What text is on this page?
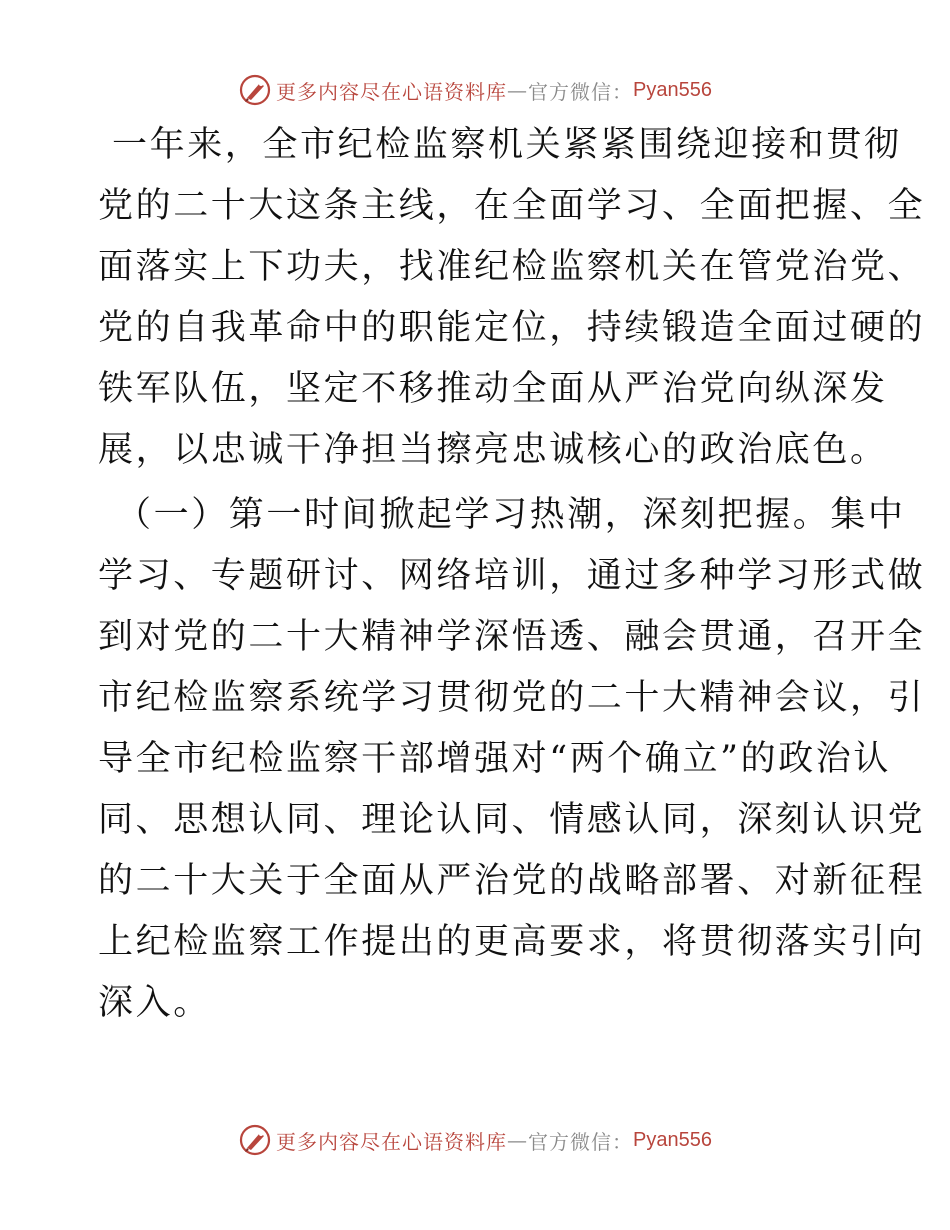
更多内容尽在心语资料库 — 官方微信： Pyan556
一年来，全市纪检监察机关紧紧围绕迎接和贯彻
党的二十大这条主线，在全面学习、全面把握、全
面落实上下功夫，找准纪检监察机关在管党治党、
党的自我革命中的职能定位，持续锻造全面过硬的
铁军队伍，坚定不移推动全面从严治党向纵深发
展，以忠诚干净担当擦亮忠诚核心的政治底色。
（一）第一时间掀起学习热潮，深刻把握。集中
学习、专题研讨、网络培训，通过多种学习形式做
到对党的二十大精神学深悟透、融会贯通，召开全
市纪检监察系统学习贯彻党的二十大精神会议，引
导全市纪检监察干部增强对“两个确立”的政治认
同、思想认同、理论认同、情感认同，深刻认识党
的二十大关于全面从严治党的战略部署、对新征程
上纪检监察工作提出的更高要求，将贯彻落实引向
深入。
更多内容尽在心语资料库 — 官方微信： Pyan556
